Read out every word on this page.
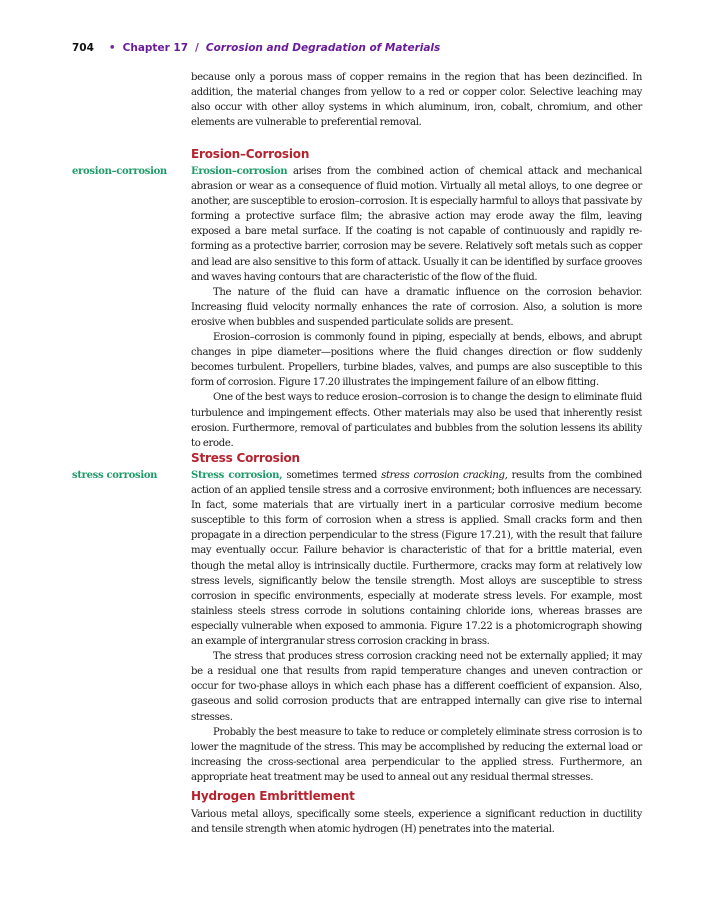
704 • Chapter 17 / Corrosion and Degradation of Materials

because only a porous mass of copper remains in the region that has been dezincified. In addition, the material changes from yellow to a red or copper color. Selective leaching may also occur with other alloy systems in which aluminum, iron, cobalt, chromium, and other elements are vulnerable to preferential removal.

Erosion–Corrosion
erosion–corrosion Erosion–corrosion arises from the combined action of chemical attack and mechanical abrasion or wear as a consequence of fluid motion. Virtually all metal alloys, to one degree or another, are susceptible to erosion–corrosion. It is especially harmful to alloys that passivate by forming a protective surface film; the abrasive action may erode away the film, leaving exposed a bare metal surface. If the coating is not capable of continuously and rapidly re-forming as a protective barrier, corrosion may be severe. Relatively soft metals such as copper and lead are also sensitive to this form of attack. Usually it can be identified by surface grooves and waves having contours that are characteristic of the flow of the fluid.

The nature of the fluid can have a dramatic influence on the corrosion behavior. Increasing fluid velocity normally enhances the rate of corrosion. Also, a solution is more erosive when bubbles and suspended particulate solids are present.

Erosion–corrosion is commonly found in piping, especially at bends, elbows, and abrupt changes in pipe diameter—positions where the fluid changes direction or flow suddenly becomes turbulent. Propellers, turbine blades, valves, and pumps are also susceptible to this form of corrosion. Figure 17.20 illustrates the impingement failure of an elbow fitting.

One of the best ways to reduce erosion–corrosion is to change the design to eliminate fluid turbulence and impingement effects. Other materials may also be used that inherently resist erosion. Furthermore, removal of particulates and bubbles from the solution lessens its ability to erode.

Stress Corrosion
stress corrosion	Stress corrosion, sometimes termed stress corrosion cracking, results from the combined action of an applied tensile stress and a corrosive environment; both influences are necessary. In fact, some materials that are virtually inert in a particular corrosive medium become susceptible to this form of corrosion when a stress is applied. Small cracks form and then propagate in a direction perpendicular to the stress (Figure 17.21), with the result that failure may eventually occur. Failure behavior is characteristic of that for a brittle material, even though the metal alloy is intrinsically ductile. Furthermore, cracks may form at relatively low stress levels, significantly below the tensile strength. Most alloys are susceptible to stress corrosion in specific environments, especially at moderate stress levels. For example, most stainless steels stress corrode in solutions containing chloride ions, whereas brasses are especially vulnerable when exposed to ammonia. Figure 17.22 is a photomicrograph showing an example of intergranular stress corrosion cracking in brass.

The stress that produces stress corrosion cracking need not be externally applied; it may be a residual one that results from rapid temperature changes and uneven contraction or occur for two-phase alloys in which each phase has a different coefficient of expansion. Also, gaseous and solid corrosion products that are entrapped internally can give rise to internal stresses.

Probably the best measure to take to reduce or completely eliminate stress corrosion is to lower the magnitude of the stress. This may be accomplished by reducing the external load or increasing the cross-sectional area perpendicular to the applied stress. Furthermore, an appropriate heat treatment may be used to anneal out any residual thermal stresses.

Hydrogen Embrittlement

Various metal alloys, specifically some steels, experience a significant reduction in ductility and tensile strength when atomic hydrogen (H) penetrates into the material.
